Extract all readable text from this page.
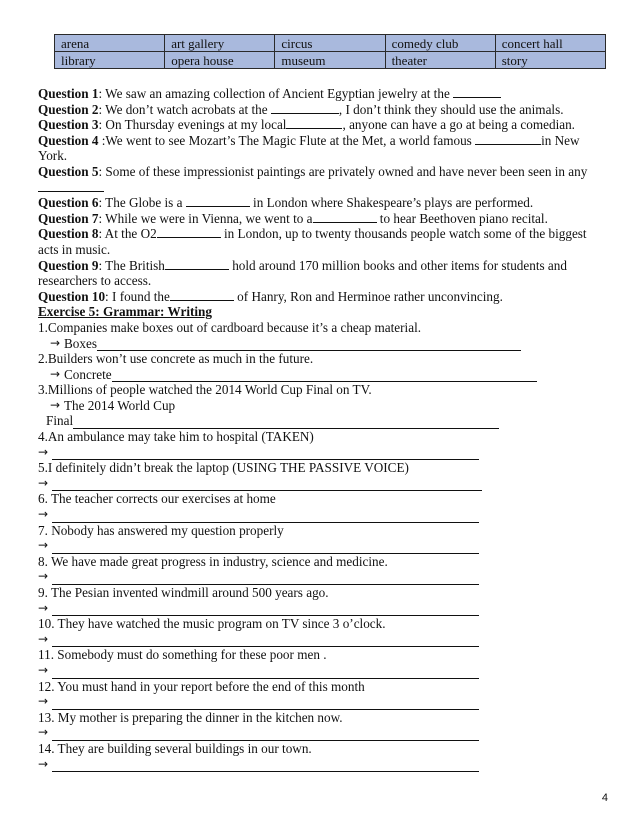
arena	art gallery	circus	comedy club	concert hall
library	opera house	museum	theater	story

Question 1: We saw an amazing collection of Ancient Egyptian jewelry at the

Question 2: We don’t watch acrobats at the	, I don’t think they should use the animals.

Question 3: On Thursday evenings at my local	, anyone can have a go at being a comedian.

Question 4 :We went to see Mozart’s The Magic Flute at the Met, a world famous	in New York.

Question 5: Some of these impressionist paintings are privately owned and have never been seen in any

Question 6: The Globe is a	in London where Shakespeare’s plays are performed.

Question 7: While we were in Vienna, we went to a	to hear Beethoven piano recital.

Question 8: At the O2	in London, up to twenty thousands people watch some of the biggest acts in music.

Question 9: The British	hold around 170 million books and other items for students and researchers to access.

Question 10: I found the	of Hanry, Ron and Herminoe rather unconvincing.

Exercise 5: Grammar: Writing

1.Companies make boxes out of cardboard because it’s a cheap material.

→ Boxes

2.Builders won’t use concrete as much in the future.

→ Concrete

3.Millions of people watched the 2014 World Cup Final on TV.

→ The 2014 World Cup
Final

4.An ambulance may take him to hospital (TAKEN)

→

5.I definitely didn’t break the laptop (USING THE PASSIVE VOICE)

→

6. The teacher corrects our exercises at home

→

7. Nobody has answered my question properly

→

8. We have made great progress in industry, science and medicine.

→

9. The Pesian invented windmill around 500 years ago.

→

10. They have watched the music program on TV since 3 o’clock.

→

11. Somebody must do something for these poor men .

→

12. You must hand in your report before the end of this month

→

13. My mother is preparing the dinner in the kitchen now.

→

14. They are building several buildings in our town.

→
4
